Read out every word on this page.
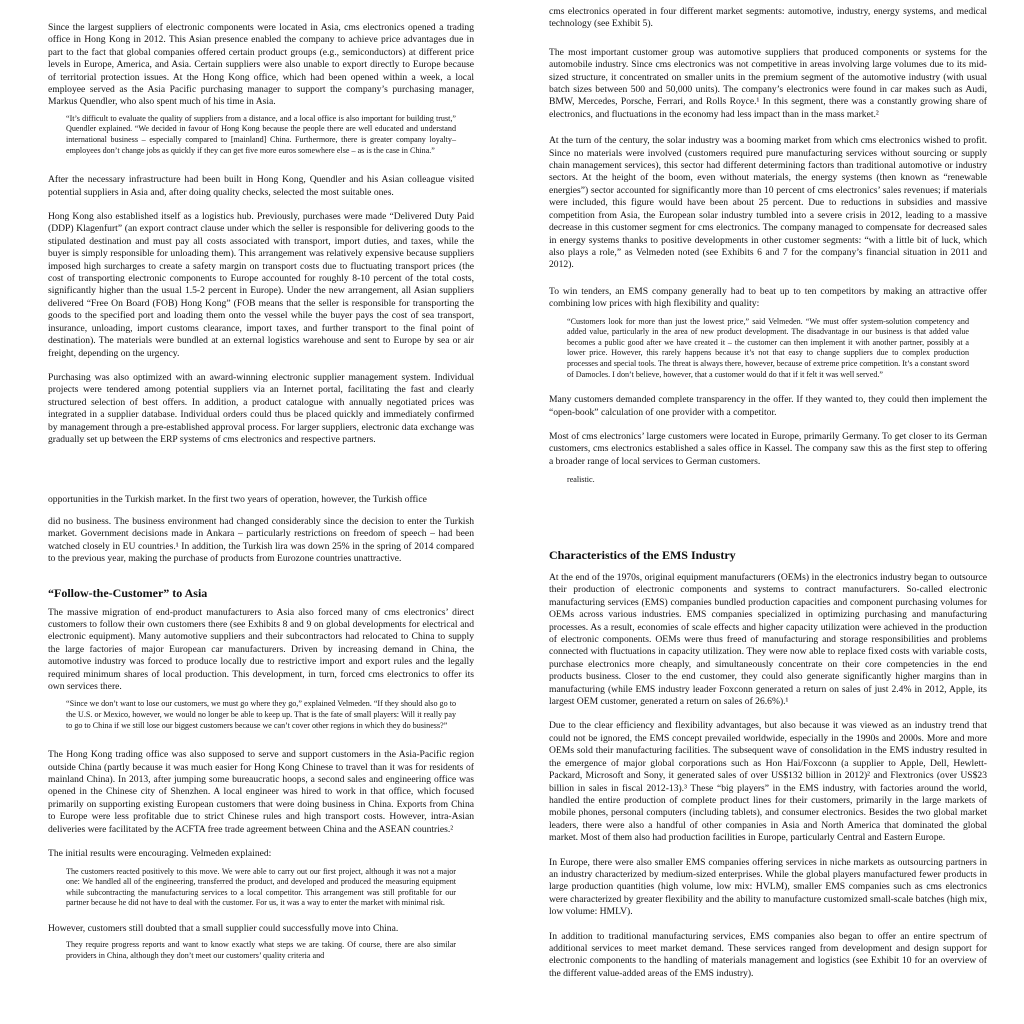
Since the largest suppliers of electronic components were located in Asia, cms electronics opened a trading office in Hong Kong in 2012. This Asian presence enabled the company to achieve price advantages due in part to the fact that global companies offered certain product groups (e.g., semiconductors) at different price levels in Europe, America, and Asia. Certain suppliers were also unable to export directly to Europe because of territorial protection issues. At the Hong Kong office, which had been opened within a week, a local employee served as the Asia Pacific purchasing manager to support the company’s purchasing manager, Markus Quendler, who also spent much of his time in Asia.

“It’s difficult to evaluate the quality of suppliers from a distance, and a local office is also important for building trust,” Quendler explained. “We decided in favour of Hong Kong because the people there are well educated and understand international business – especially compared to [mainland] China. Furthermore, there is greater company loyalty– employees don’t change jobs as quickly if they can get five more euros somewhere else – as is the case in China.”

After the necessary infrastructure had been built in Hong Kong, Quendler and his Asian colleague visited potential suppliers in Asia and, after doing quality checks, selected the most suitable ones.

Hong Kong also established itself as a logistics hub. Previously, purchases were made “Delivered Duty Paid (DDP) Klagenfurt” (an export contract clause under which the seller is responsible for delivering goods to the stipulated destination and must pay all costs associated with transport, import duties, and taxes, while the buyer is simply responsible for unloading them). This arrangement was relatively expensive because suppliers imposed high surcharges to create a safety margin on transport costs due to fluctuating transport prices (the cost of transporting electronic components to Europe accounted for roughly 8-10 percent of the total costs, significantly higher than the usual 1.5-2 percent in Europe). Under the new arrangement, all Asian suppliers delivered “Free On Board (FOB) Hong Kong” (FOB means that the seller is responsible for transporting the goods to the specified port and loading them onto the vessel while the buyer pays the cost of sea transport, insurance, unloading, import customs clearance, import taxes, and further transport to the final point of destination). The materials were bundled at an external logistics warehouse and sent to Europe by sea or air freight, depending on the urgency.

Purchasing was also optimized with an award-winning electronic supplier management system. Individual projects were tendered among potential suppliers via an Internet portal, facilitating the fast and clearly structured selection of best offers. In addition, a product catalogue with annually negotiated prices was integrated in a supplier database. Individual orders could thus be placed quickly and immediately confirmed by management through a pre-established approval process. For larger suppliers, electronic data exchange was gradually set up between the ERP systems of cms electronics and respective partners.

opportunities in the Turkish market. In the first two years of operation, however, the Turkish office

did no business. The business environment had changed considerably since the decision to enter the Turkish market. Government decisions made in Ankara – particularly restrictions on freedom of speech – had been watched closely in EU countries.¹ In addition, the Turkish lira was down 25% in the spring of 2014 compared to the previous year, making the purchase of products from Eurozone countries unattractive.

“Follow-the-Customer” to Asia

The massive migration of end-product manufacturers to Asia also forced many of cms electronics’ direct customers to follow their own customers there (see Exhibits 8 and 9 on global developments for electrical and electronic equipment). Many automotive suppliers and their subcontractors had relocated to China to supply the large factories of major European car manufacturers. Driven by increasing demand in China, the automotive industry was forced to produce locally due to restrictive import and export rules and the legally required minimum shares of local production. This development, in turn, forced cms electronics to offer its own services there.

“Since we don’t want to lose our customers, we must go where they go,” explained Velmeden. “If they should also go to the U.S. or Mexico, however, we would no longer be able to keep up. That is the fate of small players: Will it really pay to go to China if we still lose our biggest customers because we can’t cover other regions in which they do business?”

The Hong Kong trading office was also supposed to serve and support customers in the Asia-Pacific region outside China (partly because it was much easier for Hong Kong Chinese to travel than it was for residents of mainland China). In 2013, after jumping some bureaucratic hoops, a second sales and engineering office was opened in the Chinese city of Shenzhen. A local engineer was hired to work in that office, which focused primarily on supporting existing European customers that were doing business in China. Exports from China to Europe were less profitable due to strict Chinese rules and high transport costs. However, intra-Asian deliveries were facilitated by the ACFTA free trade agreement between China and the ASEAN countries.²

The initial results were encouraging. Velmeden explained:

The customers reacted positively to this move. We were able to carry out our first project, although it was not a major one: We handled all of the engineering, transferred the product, and developed and produced the measuring equipment while subcontracting the manufacturing services to a local competitor. This arrangement was still profitable for our partner because he did not have to deal with the customer. For us, it was a way to enter the market with minimal risk.

However, customers still doubted that a small supplier could successfully move into China.

They require progress reports and want to know exactly what steps we are taking. Of course, there are also similar providers in China, although they don’t meet our customers’ quality criteria and

cms electronics operated in four different market segments: automotive, industry, energy systems, and medical technology (see Exhibit 5).

The most important customer group was automotive suppliers that produced components or systems for the automobile industry. Since cms electronics was not competitive in areas involving large volumes due to its mid-sized structure, it concentrated on smaller units in the premium segment of the automotive industry (with usual batch sizes between 500 and 50,000 units). The company’s electronics were found in car makes such as Audi, BMW, Mercedes, Porsche, Ferrari, and Rolls Royce.¹ In this segment, there was a constantly growing share of electronics, and fluctuations in the economy had less impact than in the mass market.²

At the turn of the century, the solar industry was a booming market from which cms electronics wished to profit. Since no materials were involved (customers required pure manufacturing services without sourcing or supply chain management services), this sector had different determining factors than traditional automotive or industry sectors. At the height of the boom, even without materials, the energy systems (then known as “renewable energies”) sector accounted for significantly more than 10 percent of cms electronics’ sales revenues; if materials were included, this figure would have been about 25 percent. Due to reductions in subsidies and massive competition from Asia, the European solar industry tumbled into a severe crisis in 2012, leading to a massive decrease in this customer segment for cms electronics. The company managed to compensate for decreased sales in energy systems thanks to positive developments in other customer segments: “with a little bit of luck, which also plays a role,” as Velmeden noted (see Exhibits 6 and 7 for the company’s financial situation in 2011 and 2012).

To win tenders, an EMS company generally had to beat up to ten competitors by making an attractive offer combining low prices with high flexibility and quality:

“Customers look for more than just the lowest price,” said Velmeden. “We must offer system-solution competency and added value, particularly in the area of new product development. The disadvantage in our business is that added value becomes a public good after we have created it – the customer can then implement it with another partner, possibly at a lower price. However, this rarely happens because it’s not that easy to change suppliers due to complex production processes and special tools. The threat is always there, however, because of extreme price competition. It’s a constant sword of Damocles. I don’t believe, however, that a customer would do that if it felt it was well served.”

Many customers demanded complete transparency in the offer. If they wanted to, they could then implement the “open-book” calculation of one provider with a competitor.

Most of cms electronics’ large customers were located in Europe, primarily Germany. To get closer to its German customers, cms electronics established a sales office in Kassel. The company saw this as the first step to offering a broader range of local services to German customers.

realistic.

Characteristics of the EMS Industry

At the end of the 1970s, original equipment manufacturers (OEMs) in the electronics industry began to outsource their production of electronic components and systems to contract manufacturers. So-called electronic manufacturing services (EMS) companies bundled production capacities and component purchasing volumes for OEMs across various industries. EMS companies specialized in optimizing purchasing and manufacturing processes. As a result, economies of scale effects and higher capacity utilization were achieved in the production of electronic components. OEMs were thus freed of manufacturing and storage responsibilities and problems connected with fluctuations in capacity utilization. They were now able to replace fixed costs with variable costs, purchase electronics more cheaply, and simultaneously concentrate on their core competencies in the end products business. Closer to the end customer, they could also generate significantly higher margins than in manufacturing (while EMS industry leader Foxconn generated a return on sales of just 2.4% in 2012, Apple, its largest OEM customer, generated a return on sales of 26.6%).¹

Due to the clear efficiency and flexibility advantages, but also because it was viewed as an industry trend that could not be ignored, the EMS concept prevailed worldwide, especially in the 1990s and 2000s. More and more OEMs sold their manufacturing facilities. The subsequent wave of consolidation in the EMS industry resulted in the emergence of major global corporations such as Hon Hai/Foxconn (a supplier to Apple, Dell, Hewlett-Packard, Microsoft and Sony, it generated sales of over US$132 billion in 2012)² and Flextronics (over US$23 billion in sales in fiscal 2012-13).³ These “big players” in the EMS industry, with factories around the world, handled the entire production of complete product lines for their customers, primarily in the large markets of mobile phones, personal computers (including tablets), and consumer electronics. Besides the two global market leaders, there were also a handful of other companies in Asia and North America that dominated the global market. Most of them also had production facilities in Europe, particularly Central and Eastern Europe.

In Europe, there were also smaller EMS companies offering services in niche markets as outsourcing partners in an industry characterized by medium-sized enterprises. While the global players manufactured fewer products in large production quantities (high volume, low mix: HVLM), smaller EMS companies such as cms electronics were characterized by greater flexibility and the ability to manufacture customized small-scale batches (high mix, low volume: HMLV).

In addition to traditional manufacturing services, EMS companies also began to offer an entire spectrum of additional services to meet market demand. These services ranged from development and design support for electronic components to the handling of materials management and logistics (see Exhibit 10 for an overview of the different value-added areas of the EMS industry).
